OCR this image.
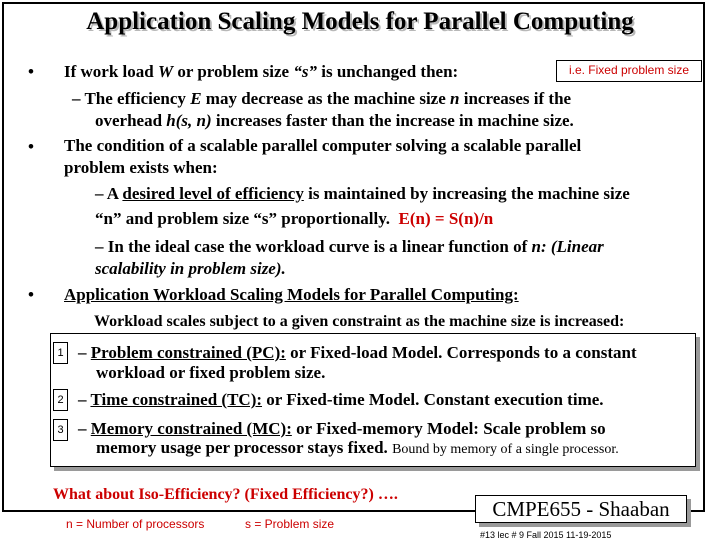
Application Scaling Models for Parallel Computing
• If work load W or problem size “s” is unchanged then:	i.e. Fixed problem size
– The efficiency E may decrease as the machine size n increases if the
overhead h(s, n) increases faster than the increase in machine size.
• The condition of a scalable parallel computer solving a scalable parallel
problem exists when:
– A desired level of efficiency is maintained by increasing the machine size
“n” and problem size “s” proportionally. E(n) = S(n)/n
– In the ideal case the workload curve is a linear function of n: (Linear
scalability in problem size).
• Application Workload Scaling Models for Parallel Computing:
Workload scales subject to a given constraint as the machine size is increased:
1 – Problem constrained (PC): or Fixed-load Model. Corresponds to a constant
workload or fixed problem size.
2 – Time constrained (TC): or Fixed-time Model. Constant execution time.
3 – Memory constrained (MC): or Fixed-memory Model: Scale problem so
memory usage per processor stays fixed. Bound by memory of a single processor.
What about Iso-Efficiency? (Fixed Efficiency?) ….
n = Number of processors	s = Problem size
CMPE655 - Shaaban
#13 lec # 9 Fall 2015 11-19-2015
